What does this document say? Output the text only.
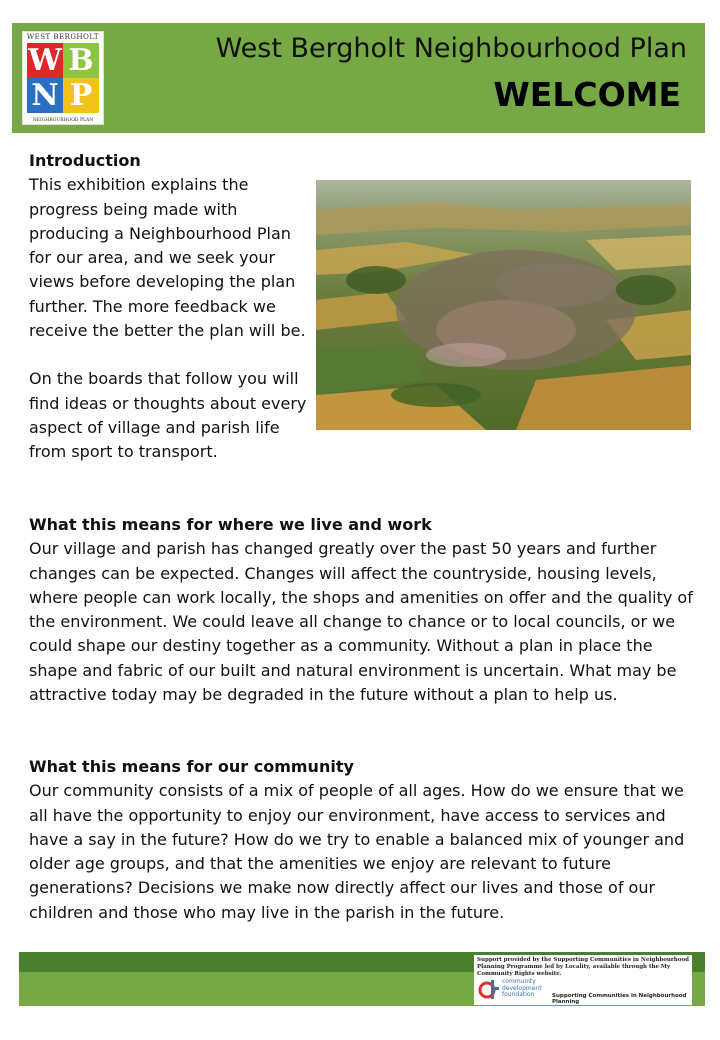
WEST BERGHOLT
W B
N P
NEIGHBOURHOOD PLAN
West Bergholt Neighbourhood Plan
WELCOME
Introduction

This exhibition explains the progress being made with producing a Neighbourhood Plan for our area, and we seek your views before developing the plan further. The more feedback we receive the better the plan will be.

On the boards that follow you will find ideas or thoughts about every aspect of village and parish life from sport to transport.

What this means for where we live and work

Our village and parish has changed greatly over the past 50 years and further changes can be expected. Changes will affect the countryside, housing levels, where people can work locally, the shops and amenities on offer and the quality of the environment. We could leave all change to chance or to local councils, or we could shape our destiny together as a community. Without a plan in place the shape and fabric of our built and natural environment is uncertain. What may be attractive today may be degraded in the future without a plan to help us.

What this means for our community

Our community consists of a mix of people of all ages. How do we ensure that we all have the opportunity to enjoy our environment, have access to services and have a say in the future? How do we try to enable a balanced mix of younger and older age groups, and that the amenities we enjoy are relevant to future generations? Decisions we make now directly affect our lives and those of our children and those who may live in the parish in the future.

Support provided by the Supporting Communities in Neighbourhood Planning Programme led by Locality, available through the My Community Rights website.
community
development
foundation	Supporting Communities in Neighbourhood Planning
